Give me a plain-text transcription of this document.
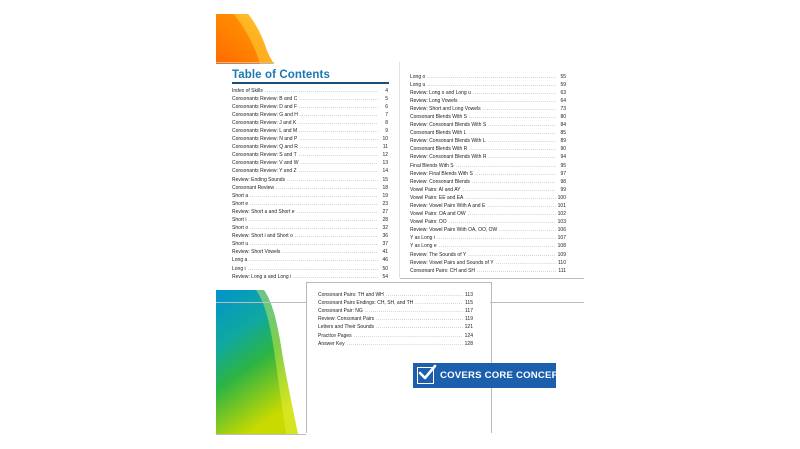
Table of Contents
Index of Skills .....	4
Consonants Review: B and C .....	5
Consonants Review: D and F .....	6
Consonants Review: G and H .....	7
Consonants Review: J and K .....	8
Consonants Review: L and M .....	9
Consonants Review: N and P .....	10
Consonants Review: Q and R .....	11
Consonants Review: S and T .....	12
Consonants Review: V and W .....	13
Consonants Review: Y and Z .....	14
Review: Ending Sounds .....	15
Consonant Review .....	18
Short a .....	19
Short e .....	23
Review: Short a and Short e .....	27
Short i .....	28
Short o .....	32
Review: Short i and Short o .....	36
Short u .....	37
Review: Short Vowels .....	41
Long a .....	46
Long i .....	50
Review: Long a and Long i .....	54
Long o .....	55
Long u .....	59
Review: Long o and Long u .....	63
Review: Long Vowels .....	64
Review: Short and Long Vowels .....	73
Consonant Blends With S .....	80
Review: Consonant Blends With S .....	84
Consonant Blends With L .....	85
Review: Consonant Blends With L .....	89
Consonant Blends With R .....	90
Review: Consonant Blends With R .....	94
Final Blends With S .....	95
Review: Final Blends With S .....	97
Review: Consonant Blends .....	98
Vowel Pairs: AI and AY .....	99
Vowel Pairs: EE and EA .....	100
Review: Vowel Pairs With A and E .....	101
Vowel Pairs: OA and OW .....	102
Vowel Pairs: OO .....	103
Review: Vowel Pairs With OA, OO, OW .....	106
Y as Long i .....	107
Y as Long e .....	108
Review: The Sounds of Y .....	109
Review: Vowel Pairs and Sounds of Y .....	110
Consonant Pairs: CH and SH .....	111
Consonant Pairs: TH and WH .....	113
Consonant Pairs Endings: CH, SH, and TH .....	115
Consonant Pair: NG .....	117
Review: Consonant Pairs .....	119
Letters and Their Sounds .....	121
Practice Pages .....	124
Answer Key .....	128
COVERS CORE CONCEPTS
